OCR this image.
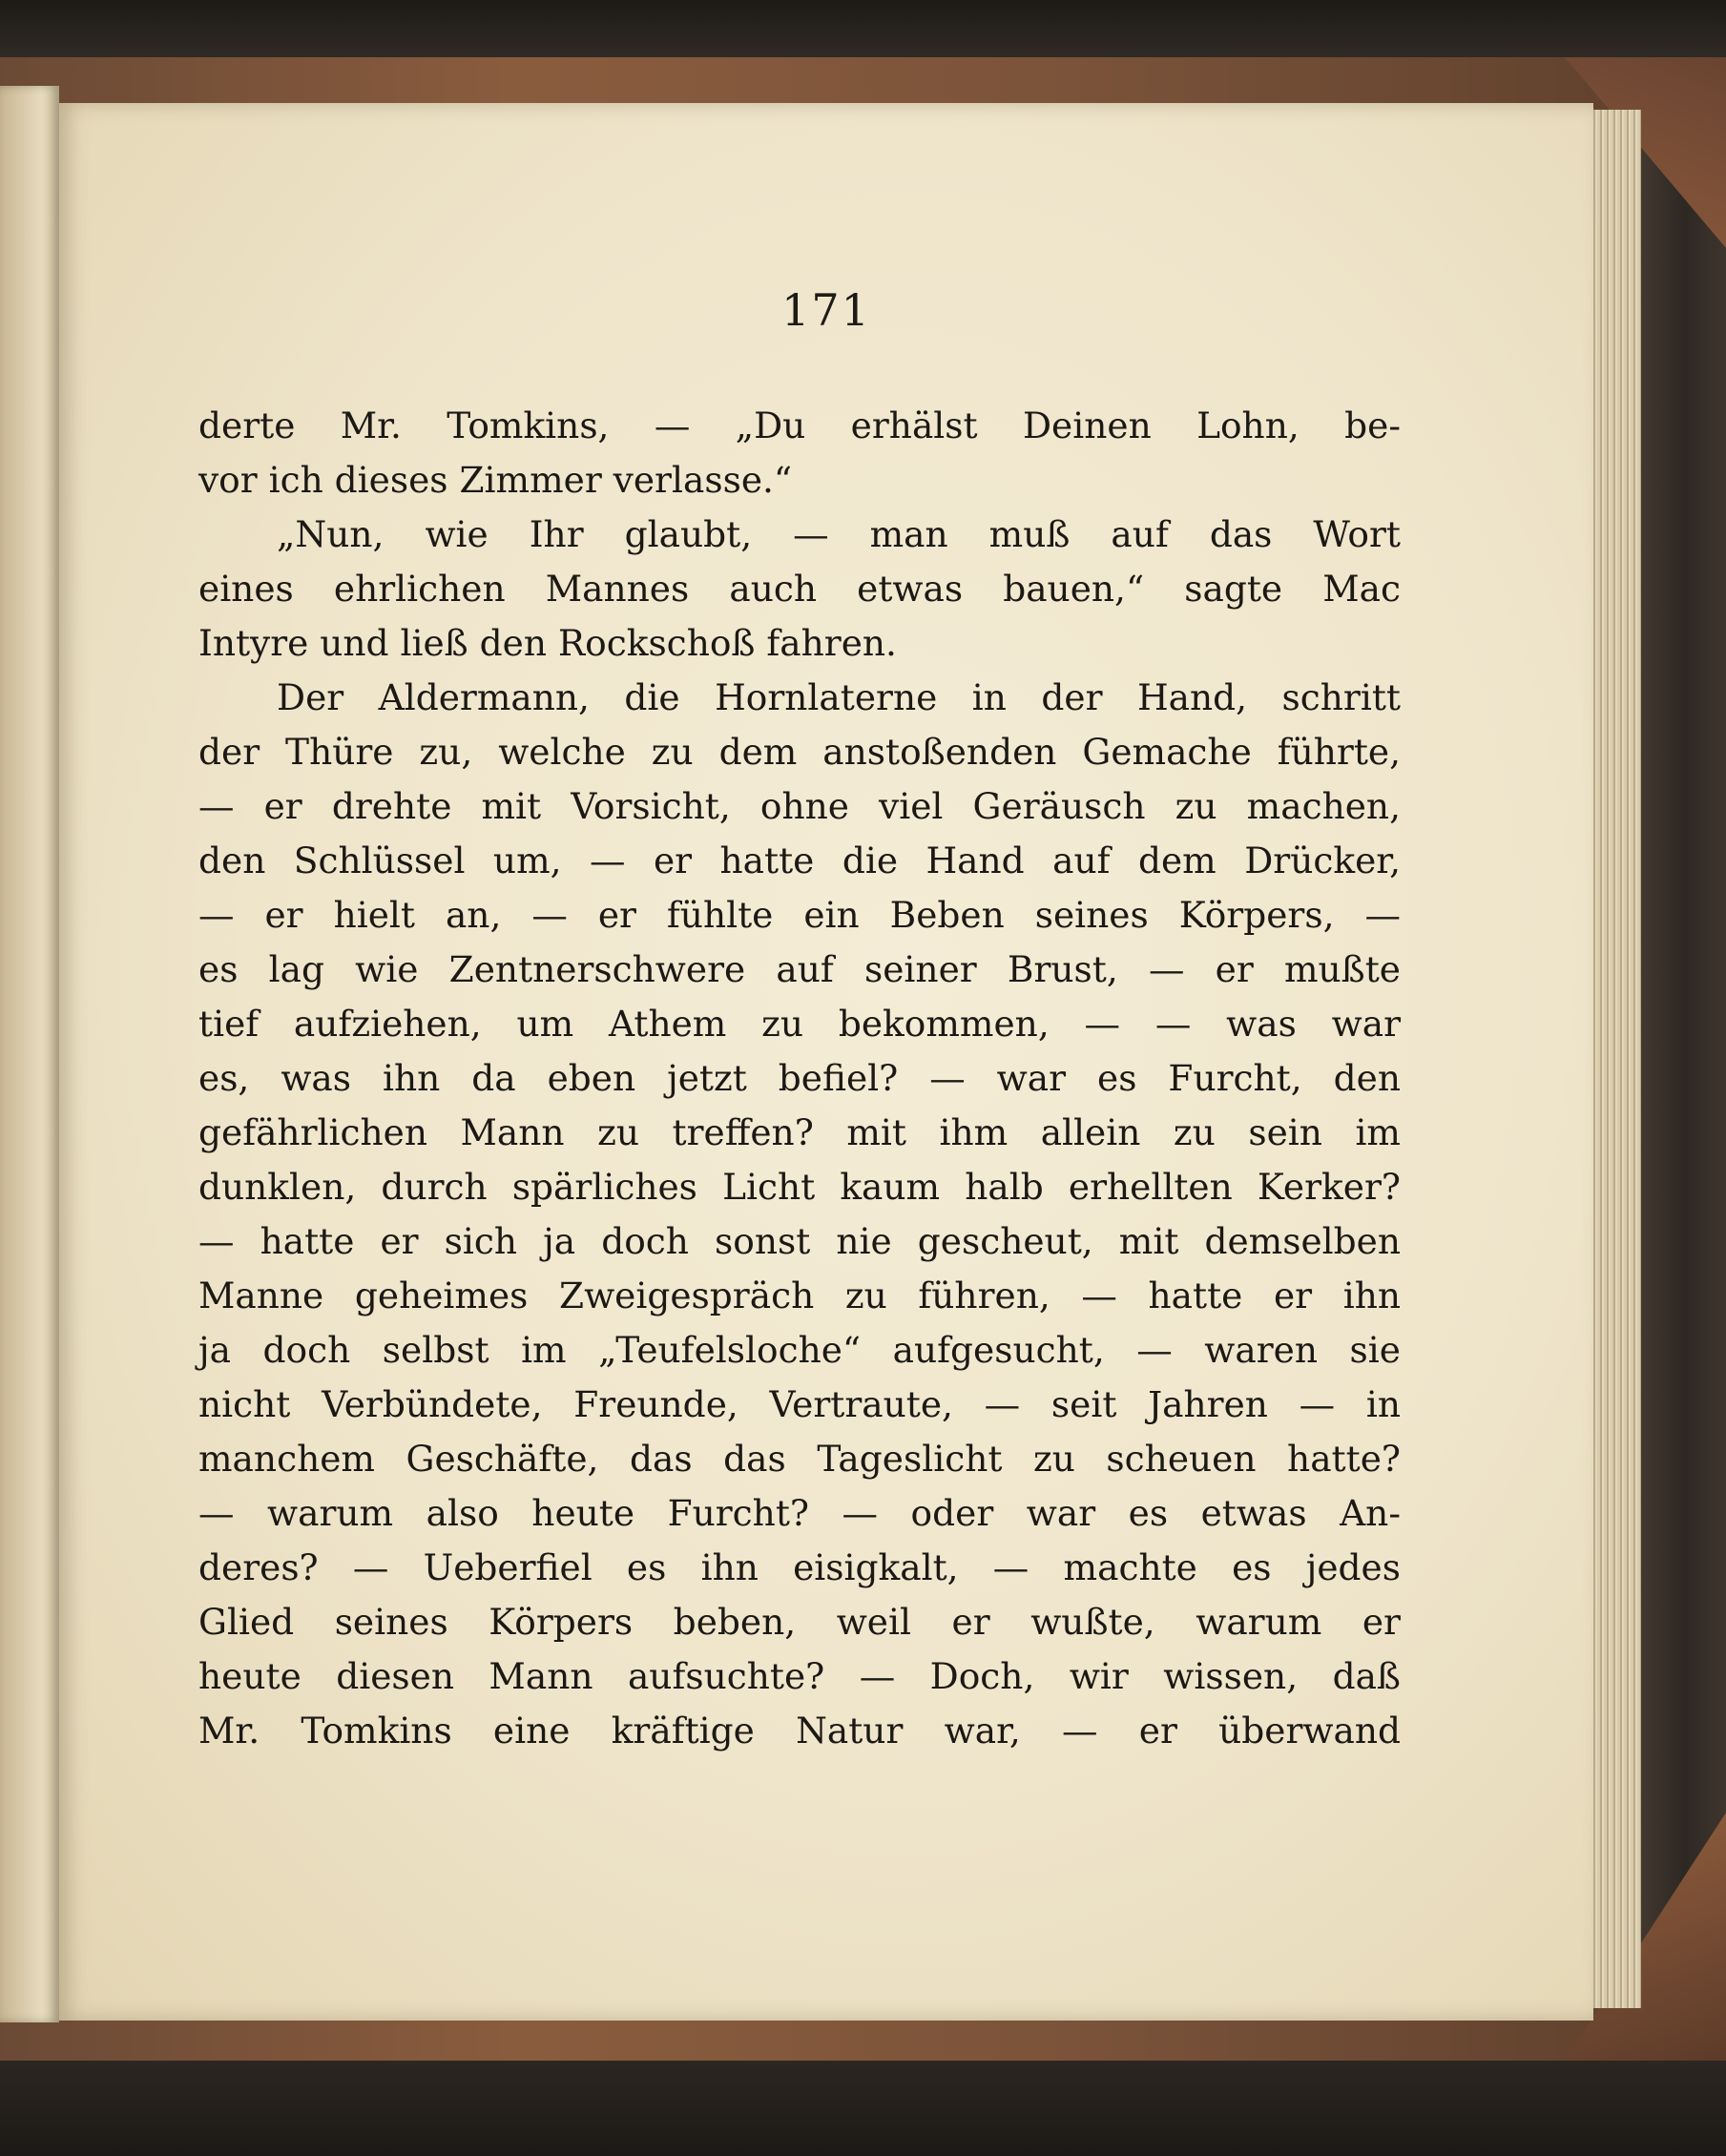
171
derte Mr. Tomkins, — „Du erhälst Deinen Lohn, be-
vor ich dieses Zimmer verlasse.“
„Nun, wie Ihr glaubt, — man muß auf das Wort
eines ehrlichen Mannes auch etwas bauen,“ sagte Mac
Intyre und ließ den Rockschoß fahren.
Der Aldermann, die Hornlaterne in der Hand, schritt
der Thüre zu, welche zu dem anstoßenden Gemache führte,
— er drehte mit Vorsicht, ohne viel Geräusch zu machen,
den Schlüssel um, — er hatte die Hand auf dem Drücker,
— er hielt an, — er fühlte ein Beben seines Körpers, —
es lag wie Zentnerschwere auf seiner Brust, — er mußte
tief aufziehen, um Athem zu bekommen, — — was war
es, was ihn da eben jetzt befiel? — war es Furcht, den
gefährlichen Mann zu treffen? mit ihm allein zu sein im
dunklen, durch spärliches Licht kaum halb erhellten Kerker?
— hatte er sich ja doch sonst nie gescheut, mit demselben
Manne geheimes Zweigespräch zu führen, — hatte er ihn
ja doch selbst im „Teufelsloche“ aufgesucht, — waren sie
nicht Verbündete, Freunde, Vertraute, — seit Jahren — in
manchem Geschäfte, das das Tageslicht zu scheuen hatte?
— warum also heute Furcht? — oder war es etwas An-
deres? — Ueberfiel es ihn eisigkalt, — machte es jedes
Glied seines Körpers beben, weil er wußte, warum er
heute diesen Mann aufsuchte? — Doch, wir wissen, daß
Mr. Tomkins eine kräftige Natur war, — er überwand
